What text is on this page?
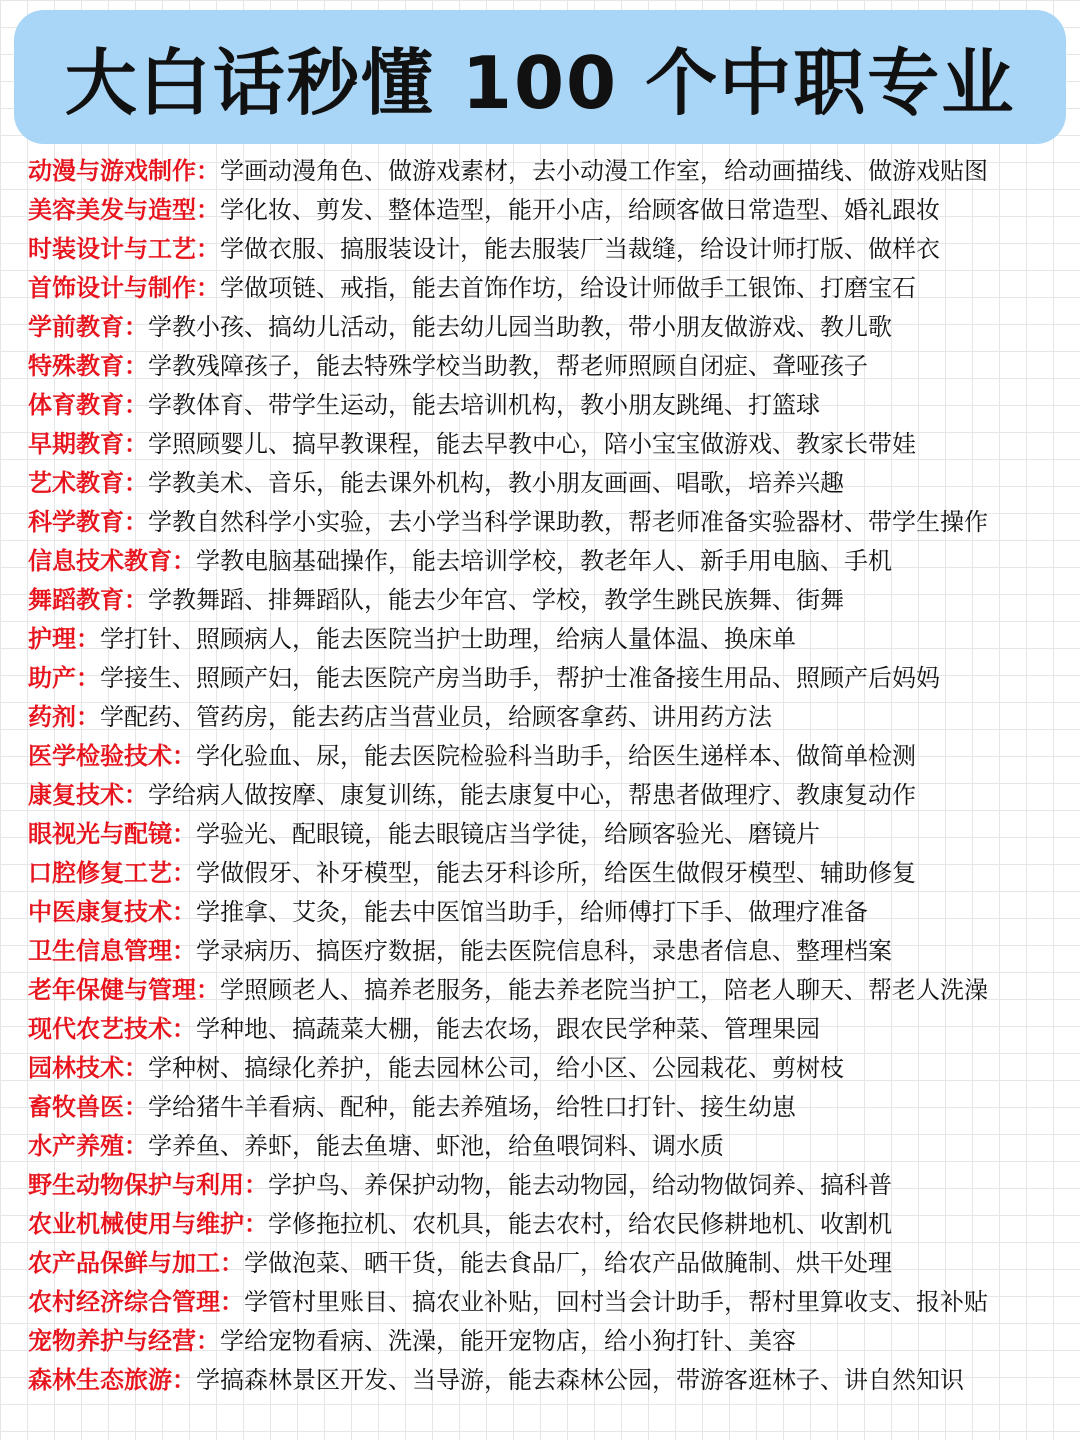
大白话秒懂 100 个中职专业
动漫与游戏制作：学画动漫角色、做游戏素材，去小动漫工作室，给动画描线、做游戏贴图
美容美发与造型：学化妆、剪发、整体造型，能开小店，给顾客做日常造型、婚礼跟妆
时装设计与工艺：学做衣服、搞服装设计，能去服装厂当裁缝，给设计师打版、做样衣
首饰设计与制作：学做项链、戒指，能去首饰作坊，给设计师做手工银饰、打磨宝石
学前教育：学教小孩、搞幼儿活动，能去幼儿园当助教，带小朋友做游戏、教儿歌
特殊教育：学教残障孩子，能去特殊学校当助教，帮老师照顾自闭症、聋哑孩子
体育教育：学教体育、带学生运动，能去培训机构，教小朋友跳绳、打篮球
早期教育：学照顾婴儿、搞早教课程，能去早教中心，陪小宝宝做游戏、教家长带娃
艺术教育：学教美术、音乐，能去课外机构，教小朋友画画、唱歌，培养兴趣
科学教育：学教自然科学小实验，去小学当科学课助教，帮老师准备实验器材、带学生操作
信息技术教育：学教电脑基础操作，能去培训学校，教老年人、新手用电脑、手机
舞蹈教育：学教舞蹈、排舞蹈队，能去少年宫、学校，教学生跳民族舞、街舞
护理：学打针、照顾病人，能去医院当护士助理，给病人量体温、换床单
助产：学接生、照顾产妇，能去医院产房当助手，帮护士准备接生用品、照顾产后妈妈
药剂：学配药、管药房，能去药店当营业员，给顾客拿药、讲用药方法
医学检验技术：学化验血、尿，能去医院检验科当助手，给医生递样本、做简单检测
康复技术：学给病人做按摩、康复训练，能去康复中心，帮患者做理疗、教康复动作
眼视光与配镜：学验光、配眼镜，能去眼镜店当学徒，给顾客验光、磨镜片
口腔修复工艺：学做假牙、补牙模型，能去牙科诊所，给医生做假牙模型、辅助修复
中医康复技术：学推拿、艾灸，能去中医馆当助手，给师傅打下手、做理疗准备
卫生信息管理：学录病历、搞医疗数据，能去医院信息科，录患者信息、整理档案
老年保健与管理：学照顾老人、搞养老服务，能去养老院当护工，陪老人聊天、帮老人洗澡
现代农艺技术：学种地、搞蔬菜大棚，能去农场，跟农民学种菜、管理果园
园林技术：学种树、搞绿化养护，能去园林公司，给小区、公园栽花、剪树枝
畜牧兽医：学给猪牛羊看病、配种，能去养殖场，给牲口打针、接生幼崽
水产养殖：学养鱼、养虾，能去鱼塘、虾池，给鱼喂饲料、调水质
野生动物保护与利用：学护鸟、养保护动物，能去动物园，给动物做饲养、搞科普
农业机械使用与维护：学修拖拉机、农机具，能去农村，给农民修耕地机、收割机
农产品保鲜与加工：学做泡菜、晒干货，能去食品厂，给农产品做腌制、烘干处理
农村经济综合管理：学管村里账目、搞农业补贴，回村当会计助手，帮村里算收支、报补贴
宠物养护与经营：学给宠物看病、洗澡，能开宠物店，给小狗打针、美容
森林生态旅游：学搞森林景区开发、当导游，能去森林公园，带游客逛林子、讲自然知识
